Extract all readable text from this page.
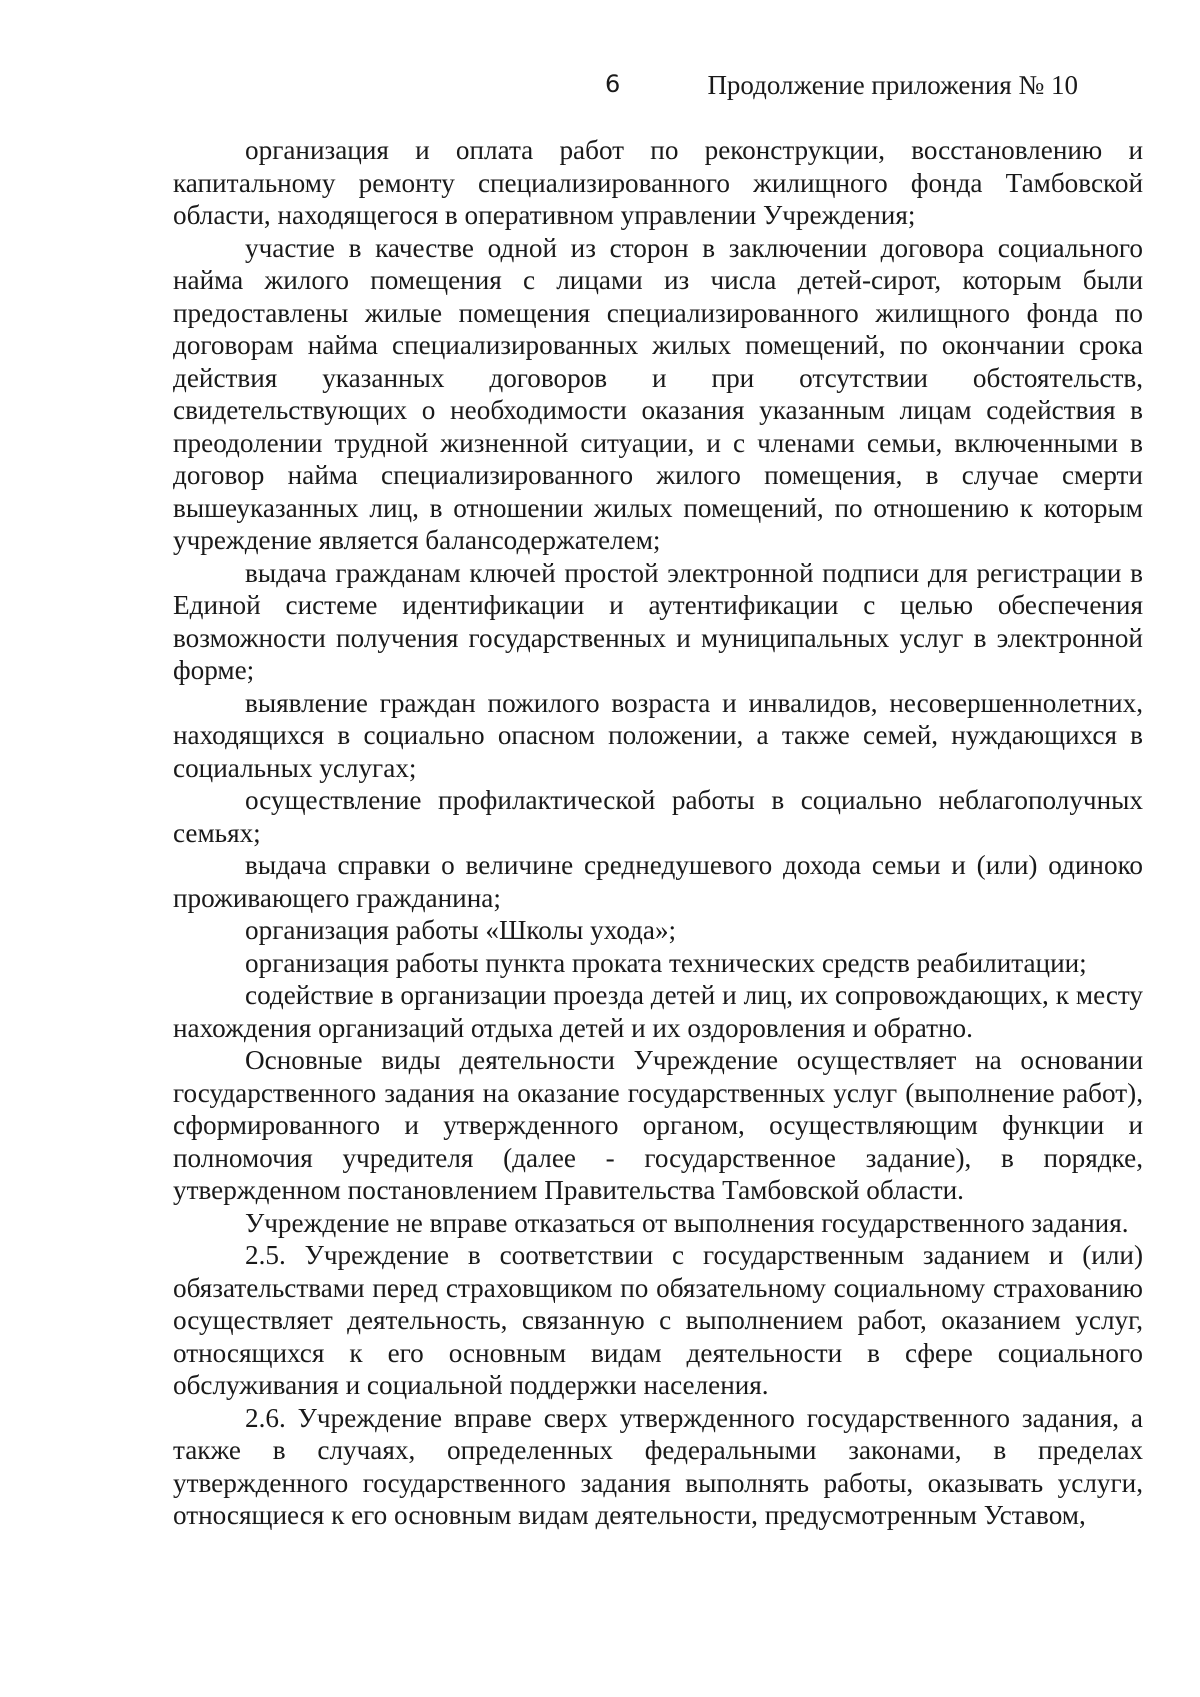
6	Продолжение приложения № 10

организация и оплата работ по реконструкции, восстановлению и капитальному ремонту специализированного жилищного фонда Тамбовской области, находящегося в оперативном управлении Учреждения;

участие в качестве одной из сторон в заключении договора социального найма жилого помещения с лицами из числа детей-сирот, которым были предоставлены жилые помещения специализированного жилищного фонда по договорам найма специализированных жилых помещений, по окончании срока действия указанных договоров и при отсутствии обстоятельств, свидетельствующих о необходимости оказания указанным лицам содействия в преодолении трудной жизненной ситуации, и с членами семьи, включенными в договор найма специализированного жилого помещения, в случае смерти вышеуказанных лиц, в отношении жилых помещений, по отношению к которым учреждение является балансодержателем;

выдача гражданам ключей простой электронной подписи для регистрации в Единой системе идентификации и аутентификации с целью обеспечения возможности получения государственных и муниципальных услуг в электронной форме;

выявление граждан пожилого возраста и инвалидов, несовершеннолетних, находящихся в социально опасном положении, а также семей, нуждающихся в социальных услугах;

осуществление профилактической работы в социально неблагополучных семьях;

выдача справки о величине среднедушевого дохода семьи и (или) одиноко проживающего гражданина;

организация работы «Школы ухода»;

организация работы пункта проката технических средств реабилитации;

содействие в организации проезда детей и лиц, их сопровождающих, к месту нахождения организаций отдыха детей и их оздоровления и обратно.

Основные виды деятельности Учреждение осуществляет на основании государственного задания на оказание государственных услуг (выполнение работ), сформированного и утвержденного органом, осуществляющим функции и полномочия учредителя (далее - государственное задание), в порядке, утвержденном постановлением Правительства Тамбовской области.

Учреждение не вправе отказаться от выполнения государственного задания.

2.5. Учреждение в соответствии с государственным заданием и (или) обязательствами перед страховщиком по обязательному социальному страхованию осуществляет деятельность, связанную с выполнением работ, оказанием услуг, относящихся к его основным видам деятельности в сфере социального обслуживания и социальной поддержки населения.

2.6. Учреждение вправе сверх утвержденного государственного задания, а также в случаях, определенных федеральными законами, в пределах утвержденного государственного задания выполнять работы, оказывать услуги, относящиеся к его основным видам деятельности, предусмотренным Уставом,
